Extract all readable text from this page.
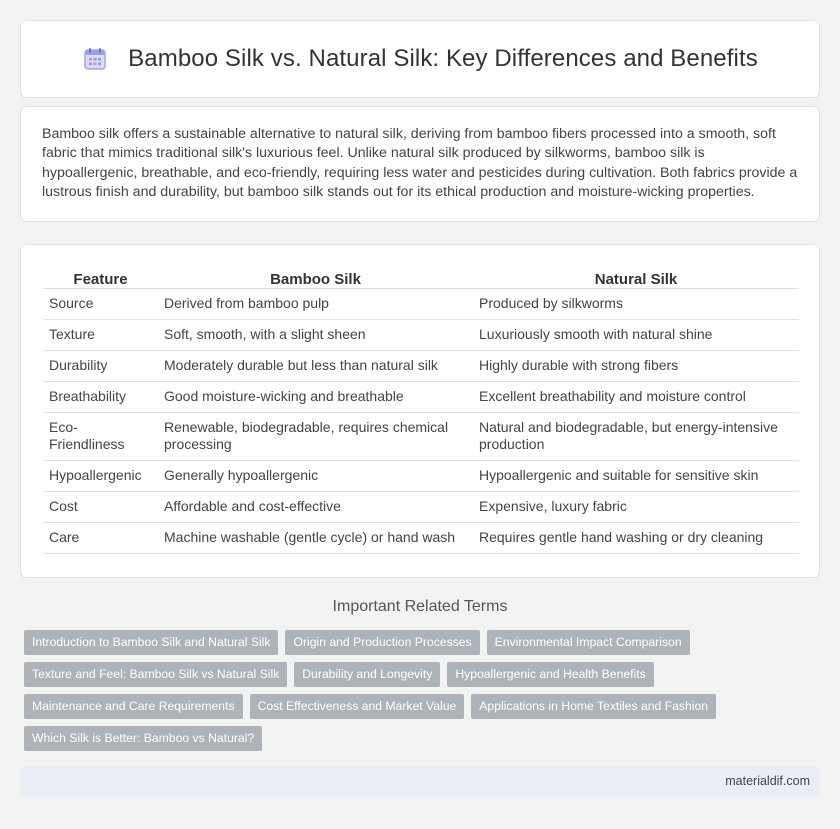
Bamboo Silk vs. Natural Silk: Key Differences and Benefits

Bamboo silk offers a sustainable alternative to natural silk, deriving from bamboo fibers processed into a smooth, soft fabric that mimics traditional silk's luxurious feel. Unlike natural silk produced by silkworms, bamboo silk is hypoallergenic, breathable, and eco-friendly, requiring less water and pesticides during cultivation. Both fabrics provide a lustrous finish and durability, but bamboo silk stands out for its ethical production and moisture-wicking properties.

Feature	Bamboo Silk	Natural Silk
Source	Derived from bamboo pulp	Produced by silkworms
Texture	Soft, smooth, with a slight sheen	Luxuriously smooth with natural shine
Durability	Moderately durable but less than natural silk	Highly durable with strong fibers
Breathability	Good moisture-wicking and breathable	Excellent breathability and moisture control
Eco-Friendliness	Renewable, biodegradable, requires chemical processing	Natural and biodegradable, but energy-intensive production
Hypoallergenic	Generally hypoallergenic	Hypoallergenic and suitable for sensitive skin
Cost	Affordable and cost-effective	Expensive, luxury fabric
Care	Machine washable (gentle cycle) or hand wash	Requires gentle hand washing or dry cleaning
Important Related Terms
Introduction to Bamboo Silk and Natural Silk	Origin and Production Processes	Environmental Impact Comparison
Texture and Feel: Bamboo Silk vs Natural Silk	Durability and Longevity	Hypoallergenic and Health Benefits
Maintenance and Care Requirements	Cost Effectiveness and Market Value	Applications in Home Textiles and Fashion
Which Silk is Better: Bamboo vs Natural?
materialdif.com
